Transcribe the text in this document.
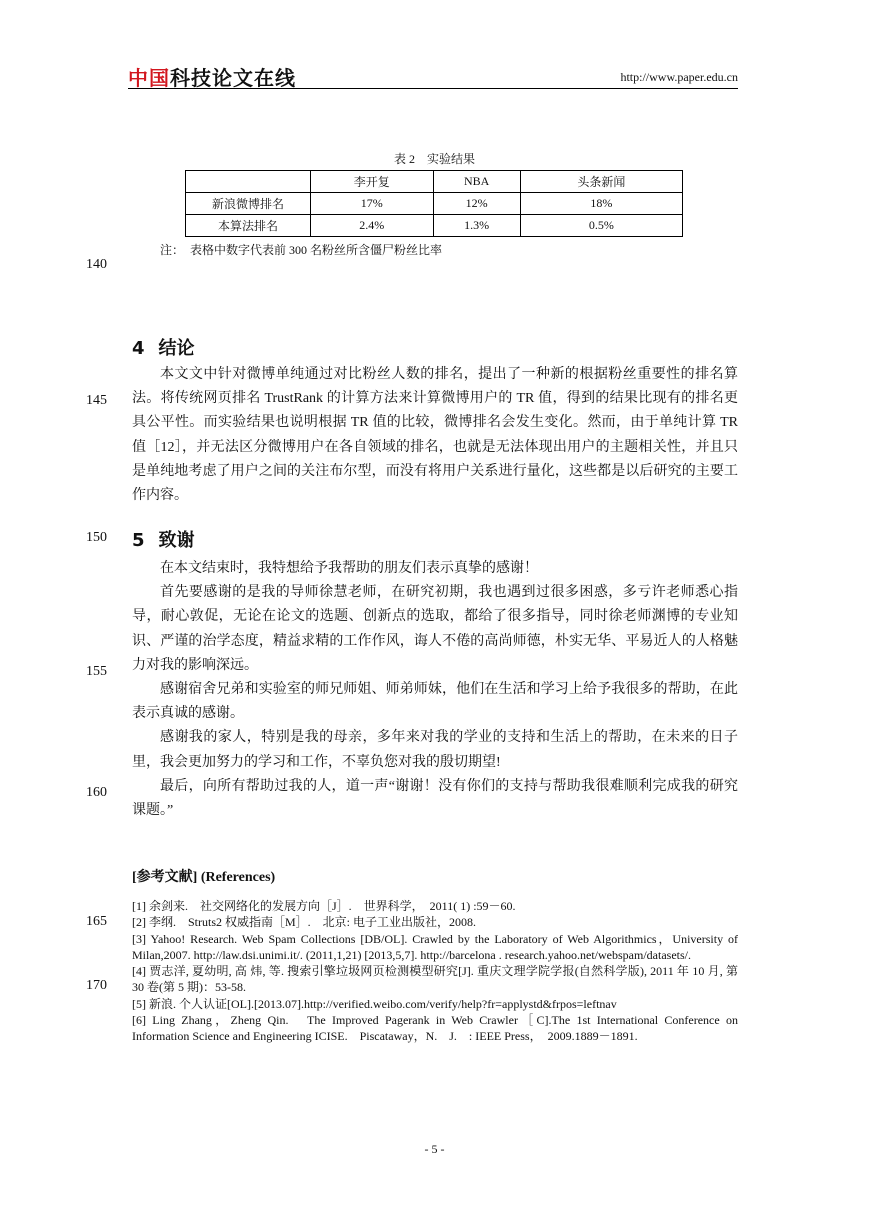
中国科技论文在线	http://www.paper.edu.cn
表 2　实验结果
	李开复	NBA	头条新闻
新浪微博排名	17%	12%	18%
本算法排名	2.4%	1.3%	0.5%
注：　表格中数字代表前 300 名粉丝所含僵尸粉丝比率
140
145
150
155
160
165
170
4 结论

本文文中针对微博单纯通过对比粉丝人数的排名，提出了一种新的根据粉丝重要性的排名算法。将传统网页排名 TrustRank 的计算方法来计算微博用户的 TR 值，得到的结果比现有的排名更具公平性。而实验结果也说明根据 TR 值的比较，微博排名会发生变化。然而，由于单纯计算 TR 值［12］，并无法区分微博用户在各自领域的排名，也就是无法体现出用户的主题相关性，并且只是单纯地考虑了用户之间的关注布尔型，而没有将用户关系进行量化，这些都是以后研究的主要工作内容。

5 致谢

在本文结束时，我特想给予我帮助的朋友们表示真挚的感谢！

首先要感谢的是我的导师徐慧老师，在研究初期，我也遇到过很多困惑，多亏许老师悉心指导，耐心敦促，无论在论文的选题、创新点的选取，都给了很多指导，同时徐老师渊博的专业知识、严谨的治学态度，精益求精的工作作风，诲人不倦的高尚师德，朴实无华、平易近人的人格魅力对我的影响深远。

感谢宿舍兄弟和实验室的师兄师姐、师弟师妹，他们在生活和学习上给予我很多的帮助，在此表示真诚的感谢。

感谢我的家人，特别是我的母亲，多年来对我的学业的支持和生活上的帮助，在未来的日子里，我会更加努力的学习和工作，不辜负您对我的殷切期望!

最后，向所有帮助过我的人，道一声“谢谢！没有你们的支持与帮助我很难顺利完成我的研究课题。”

[参考文献] (References)

[1] 余剑来.　社交网络化的发展方向［J］.　世界科学，　2011( 1) :59－60.

[2] 李纲.　Struts2 权威指南［M］.　北京: 电子工业出版社，2008.

[3] Yahoo! Research. Web Spam Collections [DB/OL]. Crawled by the Laboratory of Web Algorithmics，University of Milan,2007. http://law.dsi.unimi.it/. (2011,1,21) [2013,5,7]. http://barcelona . research.yahoo.net/webspam/datasets/.

[4] 贾志洋, 夏幼明, 高 炜, 等. 搜索引擎垃圾网页检测模型研究[J]. 重庆文理学院学报(自然科学版), 2011 年 10 月, 第 30 卷(第 5 期)：53-58.

[5] 新浪. 个人认证[OL].[2013.07].http://verified.weibo.com/verify/help?fr=applystd&frpos=leftnav

[6] Ling Zhang，Zheng Qin.　The Improved Pagerank in Web Crawler［C].The 1st International Conference on Information Science and Engineering ICISE.　Piscataway，N.　J.　: IEEE Press，　2009.1889－1891.

- 5 -
